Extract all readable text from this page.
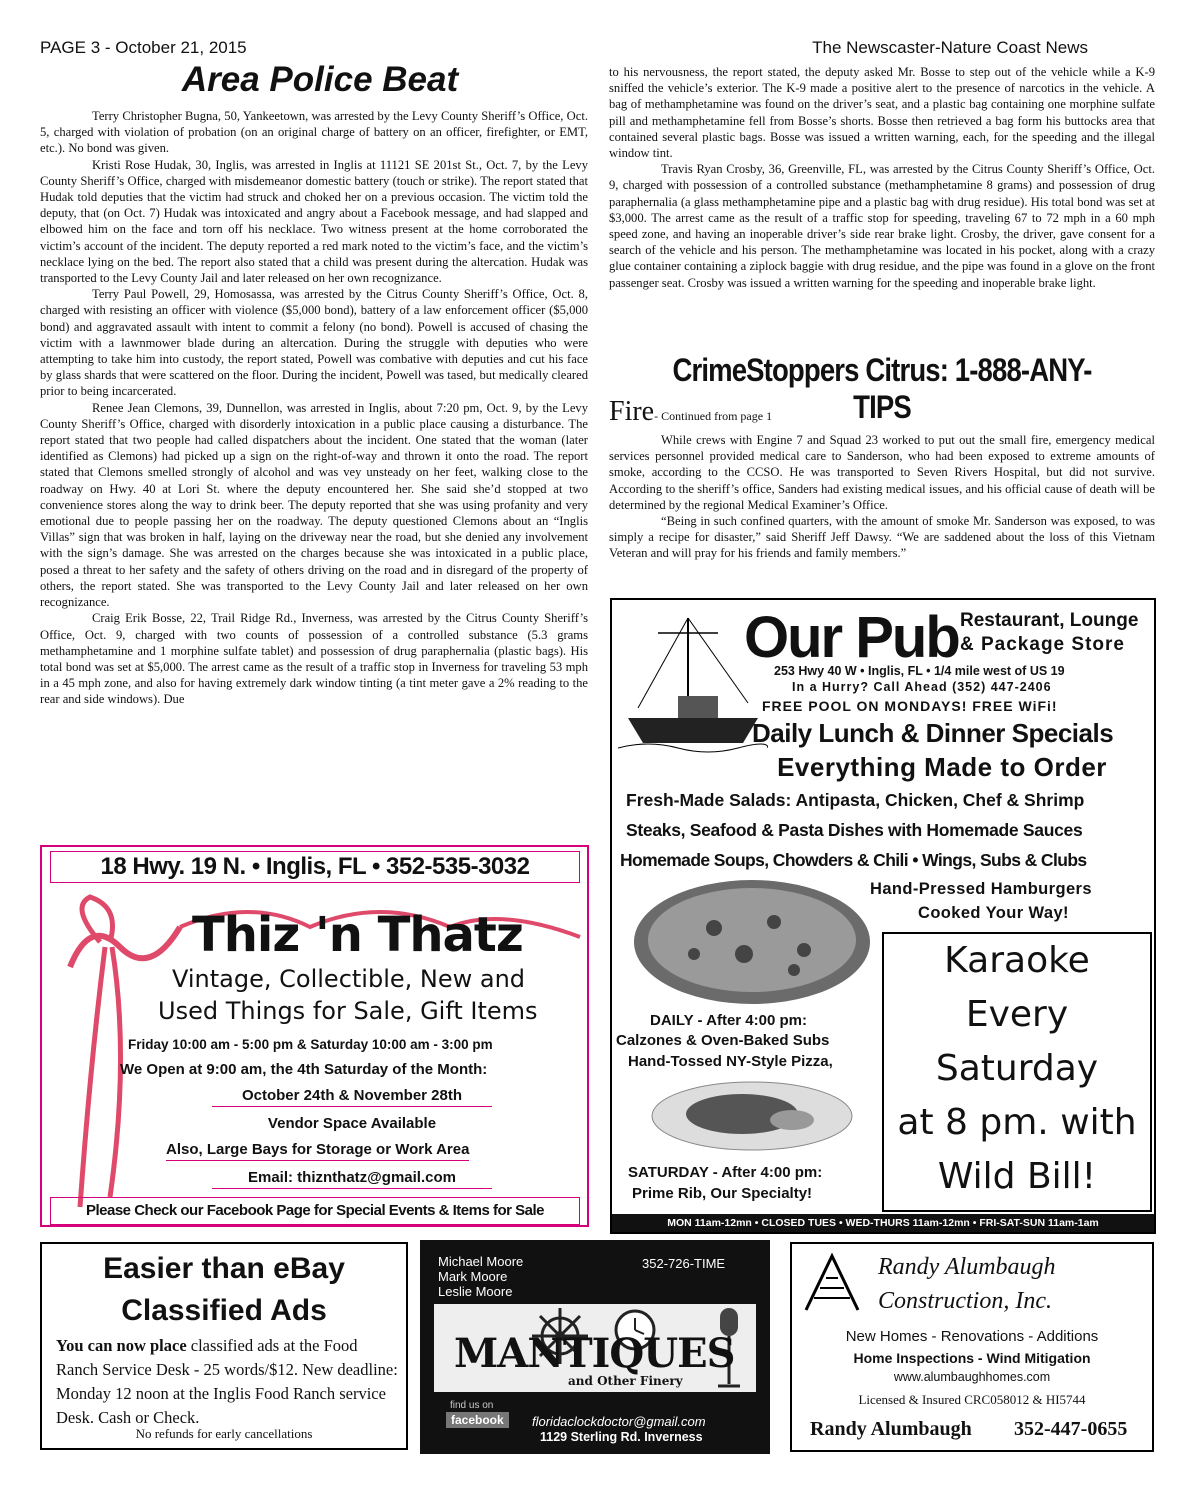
PAGE 3 - October 21, 2015	The Newscaster-Nature Coast News
Area Police Beat

Terry Christopher Bugna, 50, Yankeetown, was arrested by the Levy County Sheriff’s Office, Oct. 5, charged with violation of probation (on an original charge of battery on an officer, firefighter, or EMT, etc.). No bond was given.

Kristi Rose Hudak, 30, Inglis, was arrested in Inglis at 11121 SE 201st St., Oct. 7, by the Levy County Sheriff’s Office, charged with misdemeanor domestic battery (touch or strike). The report stated that Hudak told deputies that the victim had struck and choked her on a previous occasion. The victim told the deputy, that (on Oct. 7) Hudak was intoxicated and angry about a Facebook message, and had slapped and elbowed him on the face and torn off his necklace. Two witness present at the home corroborated the victim’s account of the incident. The deputy reported a red mark noted to the victim’s face, and the victim’s necklace lying on the bed. The report also stated that a child was present during the altercation. Hudak was transported to the Levy County Jail and later released on her own recognizance.

Terry Paul Powell, 29, Homosassa, was arrested by the Citrus County Sheriff’s Office, Oct. 8, charged with resisting an officer with violence ($5,000 bond), battery of a law enforcement officer ($5,000 bond) and aggravated assault with intent to commit a felony (no bond). Powell is accused of chasing the victim with a lawnmower blade during an altercation. During the struggle with deputies who were attempting to take him into custody, the report stated, Powell was combative with deputies and cut his face by glass shards that were scattered on the floor. During the incident, Powell was tased, but medically cleared prior to being incarcerated.

Renee Jean Clemons, 39, Dunnellon, was arrested in Inglis, about 7:20 pm, Oct. 9, by the Levy County Sheriff’s Office, charged with disorderly intoxication in a public place causing a disturbance. The report stated that two people had called dispatchers about the incident. One stated that the woman (later identified as Clemons) had picked up a sign on the right-of-way and thrown it onto the road. The report stated that Clemons smelled strongly of alcohol and was vey unsteady on her feet, walking close to the roadway on Hwy. 40 at Lori St. where the deputy encountered her. She said she’d stopped at two convenience stores along the way to drink beer. The deputy reported that she was using profanity and very emotional due to people passing her on the roadway. The deputy questioned Clemons about an “Inglis Villas” sign that was broken in half, laying on the driveway near the road, but she denied any involvement with the sign’s damage. She was arrested on the charges because she was intoxicated in a public place, posed a threat to her safety and the safety of others driving on the road and in disregard of the property of others, the report stated. She was transported to the Levy County Jail and later released on her own recognizance.

Craig Erik Bosse, 22, Trail Ridge Rd., Inverness, was arrested by the Citrus County Sheriff’s Office, Oct. 9, charged with two counts of possession of a controlled substance (5.3 grams methamphetamine and 1 morphine sulfate tablet) and possession of drug paraphernalia (plastic bags). His total bond was set at $5,000. The arrest came as the result of a traffic stop in Inverness for traveling 53 mph in a 45 mph zone, and also for having extremely dark window tinting (a tint meter gave a 2% reading to the rear and side windows). Due

to his nervousness, the report stated, the deputy asked Mr. Bosse to step out of the vehicle while a K-9 sniffed the vehicle’s exterior. The K-9 made a positive alert to the presence of narcotics in the vehicle. A bag of methamphetamine was found on the driver’s seat, and a plastic bag containing one morphine sulfate pill and methamphetamine fell from Bosse’s shorts. Bosse then retrieved a bag form his buttocks area that contained several plastic bags. Bosse was issued a written warning, each, for the speeding and the illegal window tint.

Travis Ryan Crosby, 36, Greenville, FL, was arrested by the Citrus County Sheriff’s Office, Oct. 9, charged with possession of a controlled substance (methamphetamine 8 grams) and possession of drug paraphernalia (a glass methamphetamine pipe and a plastic bag with drug residue). His total bond was set at $3,000. The arrest came as the result of a traffic stop for speeding, traveling 67 to 72 mph in a 60 mph speed zone, and having an inoperable driver’s side rear brake light. Crosby, the driver, gave consent for a search of the vehicle and his person. The methamphetamine was located in his pocket, along with a crazy glue container containing a ziplock baggie with drug residue, and the pipe was found in a glove on the front passenger seat. Crosby was issued a written warning for the speeding and inoperable brake light.

CrimeStoppers Citrus: 1-888-ANY-TIPS
Fire- Continued from page 1

While crews with Engine 7 and Squad 23 worked to put out the small fire, emergency medical services personnel provided medical care to Sanderson, who had been exposed to extreme amounts of smoke, according to the CCSO. He was transported to Seven Rivers Hospital, but did not survive. According to the sheriff’s office, Sanders had existing medical issues, and his official cause of death will be determined by the regional Medical Examiner’s Office.

“Being in such confined quarters, with the amount of smoke Mr. Sanderson was exposed, to was simply a recipe for disaster,” said Sheriff Jeff Dawsy. “We are saddened about the loss of this Vietnam Veteran and will pray for his friends and family members.”

Our Pub Restaurant, Lounge
& Package Store
253 Hwy 40 W • Inglis, FL • 1/4 mile west of US 19
In a Hurry? Call Ahead (352) 447-2406
FREE POOL ON MONDAYS! FREE WiFi!
Daily Lunch & Dinner Specials
Everything Made to Order
Fresh-Made Salads: Antipasta, Chicken, Chef & Shrimp
Steaks, Seafood & Pasta Dishes with Homemade Sauces
Homemade Soups, Chowders & Chili • Wings, Subs & Clubs
Hand-Pressed Hamburgers
Cooked Your Way!
DAILY - After 4:00 pm:
Calzones & Oven-Baked Subs
Hand-Tossed NY-Style Pizza,
SATURDAY - After 4:00 pm:
Prime Rib, Our Specialty!
Karaoke
Every
Saturday
at 8 pm. with
Wild Bill!
MON 11am-12mn • CLOSED TUES • WED-THURS 11am-12mn • FRI-SAT-SUN 11am-1am
18 Hwy. 19 N. • Inglis, FL • 352-535-3032
Thiz 'n Thatz
Vintage, Collectible, New and
Used Things for Sale, Gift Items
Friday 10:00 am - 5:00 pm & Saturday 10:00 am - 3:00 pm
We Open at 9:00 am, the 4th Saturday of the Month:
October 24th & November 28th
Vendor Space Available
Also, Large Bays for Storage or Work Area
Email: thiznthatz@gmail.com
Please Check our Facebook Page for Special Events & Items for Sale
Easier than eBay
Classified Ads
You can now place classified ads at the Food Ranch Service Desk - 25 words/$12. New deadline: Monday 12 noon at the Inglis Food Ranch service Desk. Cash or Check.
No refunds for early cancellations
Michael Moore
Mark Moore
Leslie Moore
352-726-TIME
MANTIQUES
and Other Finery
find us on
facebook	floridaclockdoctor@gmail.com
1129 Sterling Rd. Inverness
Randy Alumbaugh
Construction, Inc.
New Homes - Renovations - Additions
Home Inspections - Wind Mitigation
www.alumbaughhomes.com
Licensed & Insured CRC058012 & HI5744
Randy Alumbaugh 352-447-0655
